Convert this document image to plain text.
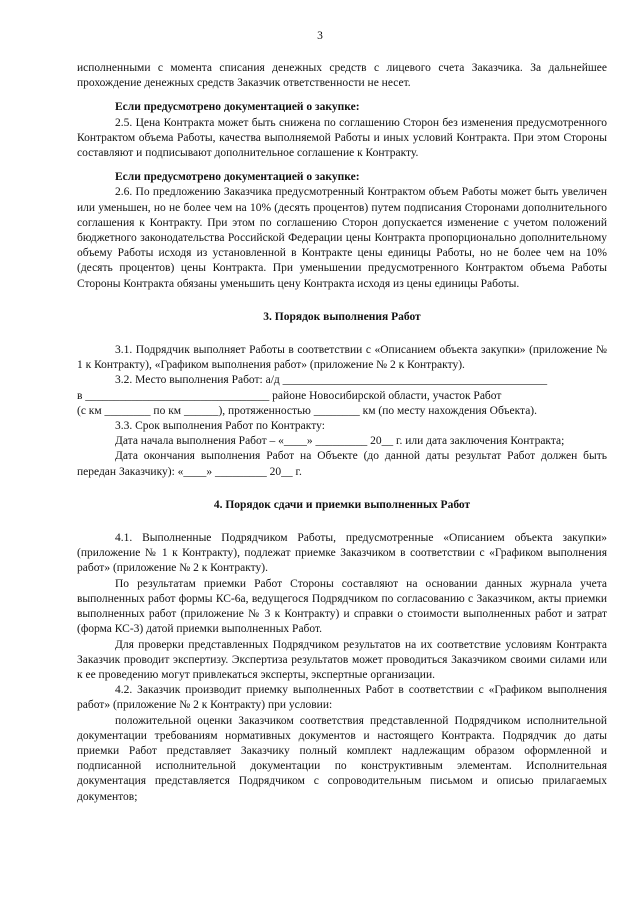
3

исполненными с момента списания денежных средств с лицевого счета Заказчика. За дальнейшее прохождение денежных средств Заказчик ответственности не несет.

Если предусмотрено документацией о закупке:

2.5. Цена Контракта может быть снижена по соглашению Сторон без изменения предусмотренного Контрактом объема Работы, качества выполняемой Работы и иных условий Контракта. При этом Стороны составляют и подписывают дополнительное соглашение к Контракту.

Если предусмотрено документацией о закупке:

2.6. По предложению Заказчика предусмотренный Контрактом объем Работы может быть увеличен или уменьшен, но не более чем на 10% (десять процентов) путем подписания Сторонами дополнительного соглашения к Контракту. При этом по соглашению Сторон допускается изменение с учетом положений бюджетного законодательства Российской Федерации цены Контракта пропорционально дополнительному объему Работы исходя из установленной в Контракте цены единицы Работы, но не более чем на 10% (десять процентов) цены Контракта. При уменьшении предусмотренного Контрактом объема Работы Стороны Контракта обязаны уменьшить цену Контракта исходя из цены единицы Работы.

3. Порядок выполнения Работ

3.1. Подрядчик выполняет Работы в соответствии с «Описанием объекта закупки» (приложение № 1 к Контракту), «Графиком выполнения работ» (приложение № 2 к Контракту).

3.2. Место выполнения Работ: а/д ______________________________________________

в ________________________________ районе Новосибирской области, участок Работ

(с км ________ по км ______), протяженностью ________ км (по месту нахождения Объекта).

3.3. Срок выполнения Работ по Контракту:

Дата начала выполнения Работ – «____» _________ 20__ г. или дата заключения Контракта;

Дата окончания выполнения Работ на Объекте (до данной даты результат Работ должен быть передан Заказчику): «____» _________ 20__ г.

4. Порядок сдачи и приемки выполненных Работ

4.1. Выполненные Подрядчиком Работы, предусмотренные «Описанием объекта закупки» (приложение № 1 к Контракту), подлежат приемке Заказчиком в соответствии с «Графиком выполнения работ» (приложение № 2 к Контракту).

По результатам приемки Работ Стороны составляют на основании данных журнала учета выполненных работ формы КС-6а, ведущегося Подрядчиком по согласованию с Заказчиком, акты приемки выполненных работ (приложение № 3 к Контракту) и справки о стоимости выполненных работ и затрат (форма КС-3) датой приемки выполненных Работ.

Для проверки представленных Подрядчиком результатов на их соответствие условиям Контракта Заказчик проводит экспертизу. Экспертиза результатов может проводиться Заказчиком своими силами или к ее проведению могут привлекаться эксперты, экспертные организации.

4.2. Заказчик производит приемку выполненных Работ в соответствии с «Графиком выполнения работ» (приложение № 2 к Контракту) при условии:

положительной оценки Заказчиком соответствия представленной Подрядчиком исполнительной документации требованиям нормативных документов и настоящего Контракта. Подрядчик до даты приемки Работ представляет Заказчику полный комплект надлежащим образом оформленной и подписанной исполнительной документации по конструктивным элементам. Исполнительная документация представляется Подрядчиком с сопроводительным письмом и описью прилагаемых документов;
